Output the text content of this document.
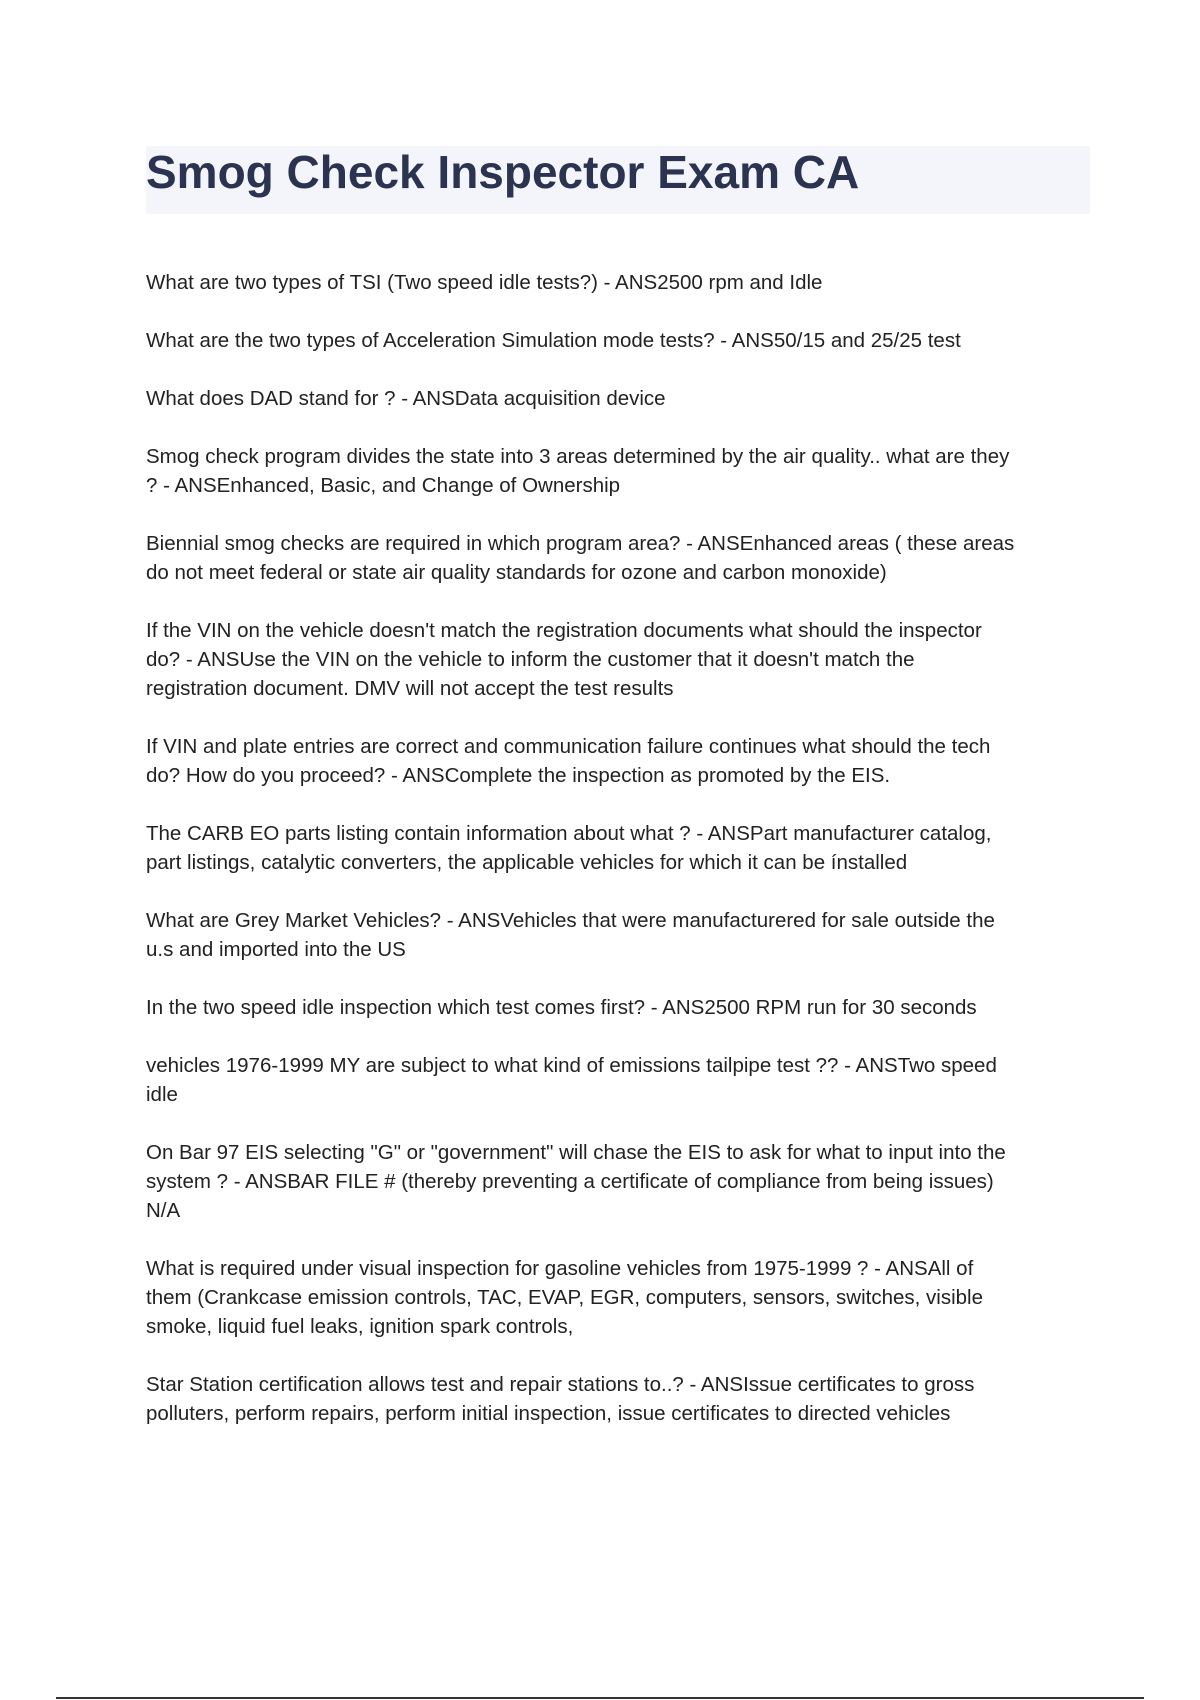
Smog Check Inspector Exam CA
What are two types of TSI (Two speed idle tests?) - ANS2500 rpm and Idle
What are the two types of Acceleration Simulation mode tests? - ANS50/15 and 25/25 test
What does DAD stand for ? - ANSData acquisition device
Smog check program divides the state into 3 areas determined by the air quality.. what are they
? - ANSEnhanced, Basic, and Change of Ownership
Biennial smog checks are required in which program area? - ANSEnhanced areas ( these areas
do not meet federal or state air quality standards for ozone and carbon monoxide)
If the VIN on the vehicle doesn't match the registration documents what should the inspector
do? - ANSUse the VIN on the vehicle to inform the customer that it doesn't match the
registration document. DMV will not accept the test results
If VIN and plate entries are correct and communication failure continues what should the tech
do? How do you proceed? - ANSComplete the inspection as promoted by the EIS.
The CARB EO parts listing contain information about what ? - ANSPart manufacturer catalog,
part listings, catalytic converters, the applicable vehicles for which it can be ínstalled
What are Grey Market Vehicles? - ANSVehicles that were manufacturered for sale outside the
u.s and imported into the US
In the two speed idle inspection which test comes first? - ANS2500 RPM run for 30 seconds
vehicles 1976-1999 MY are subject to what kind of emissions tailpipe test ?? - ANSTwo speed
idle
On Bar 97 EIS selecting "G" or "government" will chase the EIS to ask for what to input into the
system ? - ANSBAR FILE # (thereby preventing a certificate of compliance from being issues)
N/A
What is required under visual inspection for gasoline vehicles from 1975-1999 ? - ANSAll of
them (Crankcase emission controls, TAC, EVAP, EGR, computers, sensors, switches, visible
smoke, liquid fuel leaks, ignition spark controls,
Star Station certification allows test and repair stations to..? - ANSIssue certificates to gross
polluters, perform repairs, perform initial inspection, issue certificates to directed vehicles
